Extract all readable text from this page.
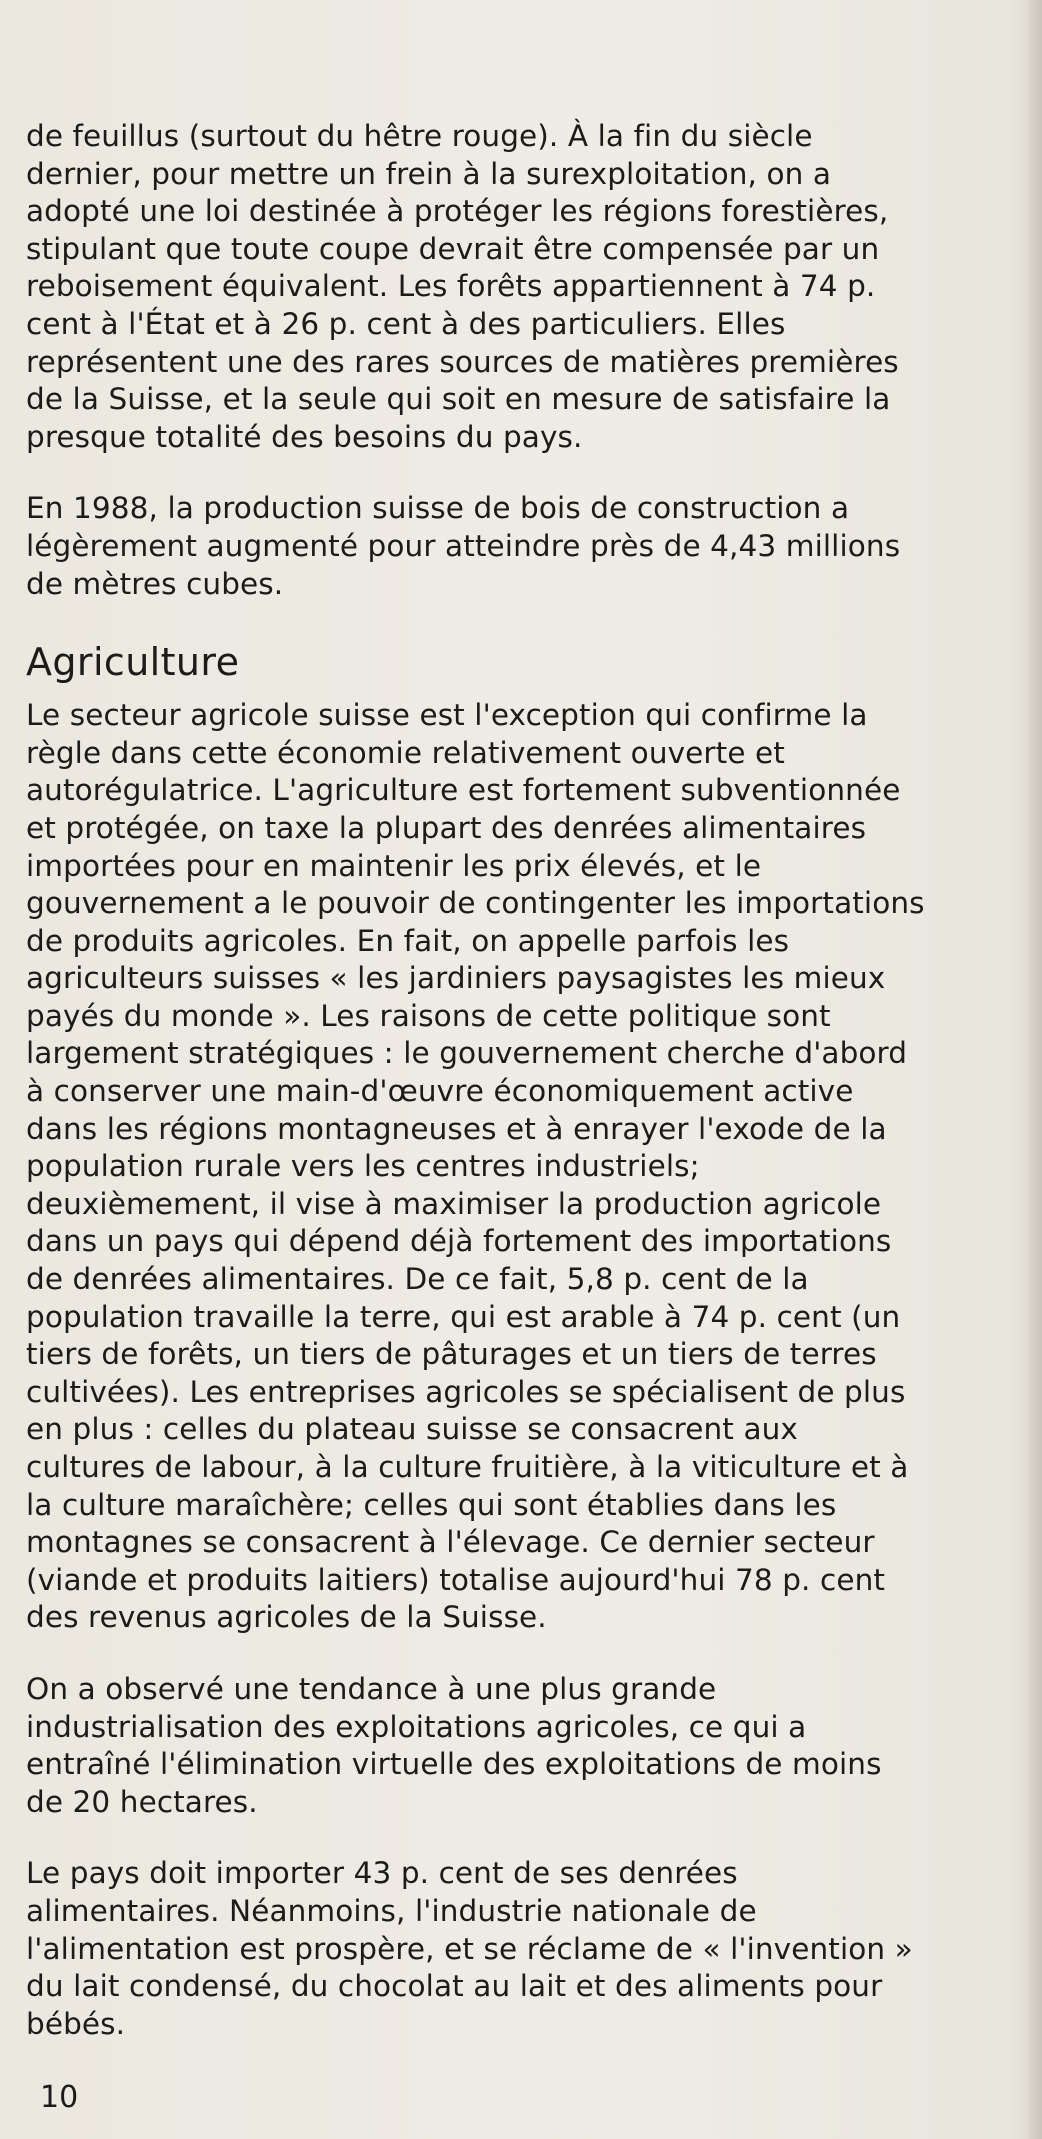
de feuillus (surtout du hêtre rouge). À la fin du siècle dernier, pour mettre un frein à la surexploitation, on a adopté une loi destinée à protéger les régions forestières, stipulant que toute coupe devrait être compensée par un reboisement équivalent. Les forêts appartiennent à 74 p. cent à l'État et à 26 p. cent à des particuliers. Elles représentent une des rares sources de matières premières de la Suisse, et la seule qui soit en mesure de satisfaire la presque totalité des besoins du pays.

En 1988, la production suisse de bois de construction a légèrement augmenté pour atteindre près de 4,43 millions de mètres cubes.

Agriculture

Le secteur agricole suisse est l'exception qui confirme la règle dans cette économie relativement ouverte et autorégulatrice. L'agriculture est fortement subventionnée et protégée, on taxe la plupart des denrées alimentaires importées pour en maintenir les prix élevés, et le gouvernement a le pouvoir de contingenter les importations de produits agricoles. En fait, on appelle parfois les agriculteurs suisses « les jardiniers paysagistes les mieux payés du monde ». Les raisons de cette politique sont largement stratégiques : le gouvernement cherche d'abord à conserver une main-d'œuvre économiquement active dans les régions montagneuses et à enrayer l'exode de la population rurale vers les centres industriels; deuxièmement, il vise à maximiser la production agricole dans un pays qui dépend déjà fortement des importations de denrées alimentaires. De ce fait, 5,8 p. cent de la population travaille la terre, qui est arable à 74 p. cent (un tiers de forêts, un tiers de pâturages et un tiers de terres cultivées). Les entreprises agricoles se spécialisent de plus en plus : celles du plateau suisse se consacrent aux cultures de labour, à la culture fruitière, à la viticulture et à la culture maraîchère; celles qui sont établies dans les montagnes se consacrent à l'élevage. Ce dernier secteur (viande et produits laitiers) totalise aujourd'hui 78 p. cent des revenus agricoles de la Suisse.

On a observé une tendance à une plus grande industrialisation des exploitations agricoles, ce qui a entraîné l'élimination virtuelle des exploitations de moins de 20 hectares.

Le pays doit importer 43 p. cent de ses denrées alimentaires. Néanmoins, l'industrie nationale de l'alimentation est prospère, et se réclame de « l'invention » du lait condensé, du chocolat au lait et des aliments pour bébés.

10
